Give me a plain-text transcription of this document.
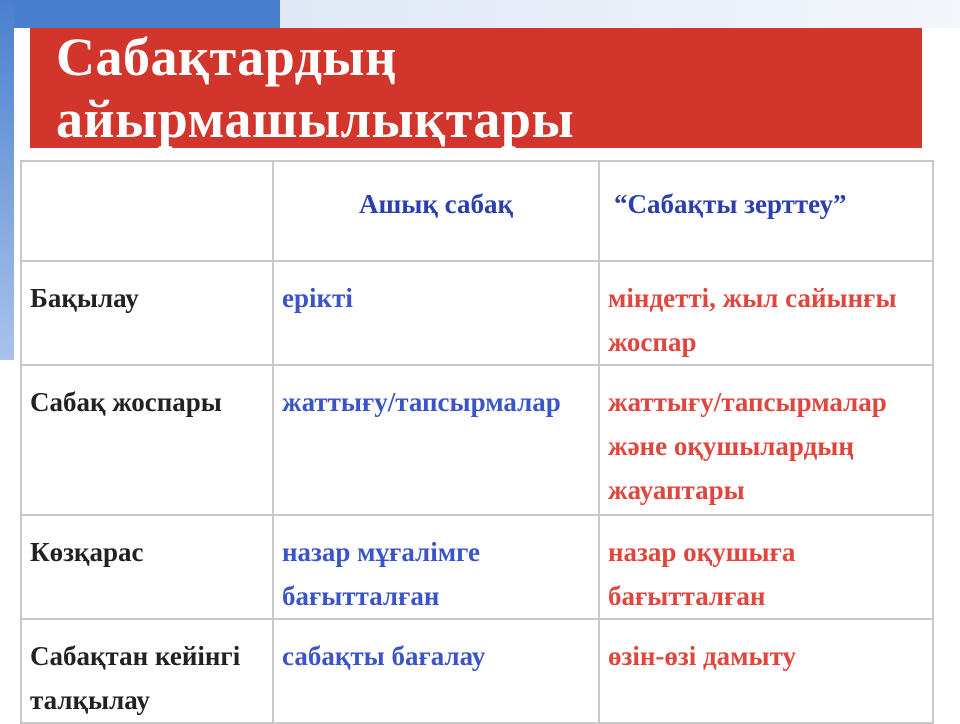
Сабақтардың айырмашылықтары
	Ашық сабақ	“Сабақты зерттеу”
Бақылау	ерікті	міндетті, жыл сайынғы жоспар
Сабақ жоспары	жаттығу/тапсырмалар	жаттығу/тапсырмалар және оқушылардың жауаптары
Көзқарас	назар мұғалімге бағытталған	назар оқушыға бағытталған
Сабақтан кейінгі талқылау	сабақты бағалау	өзін-өзі дамыту
